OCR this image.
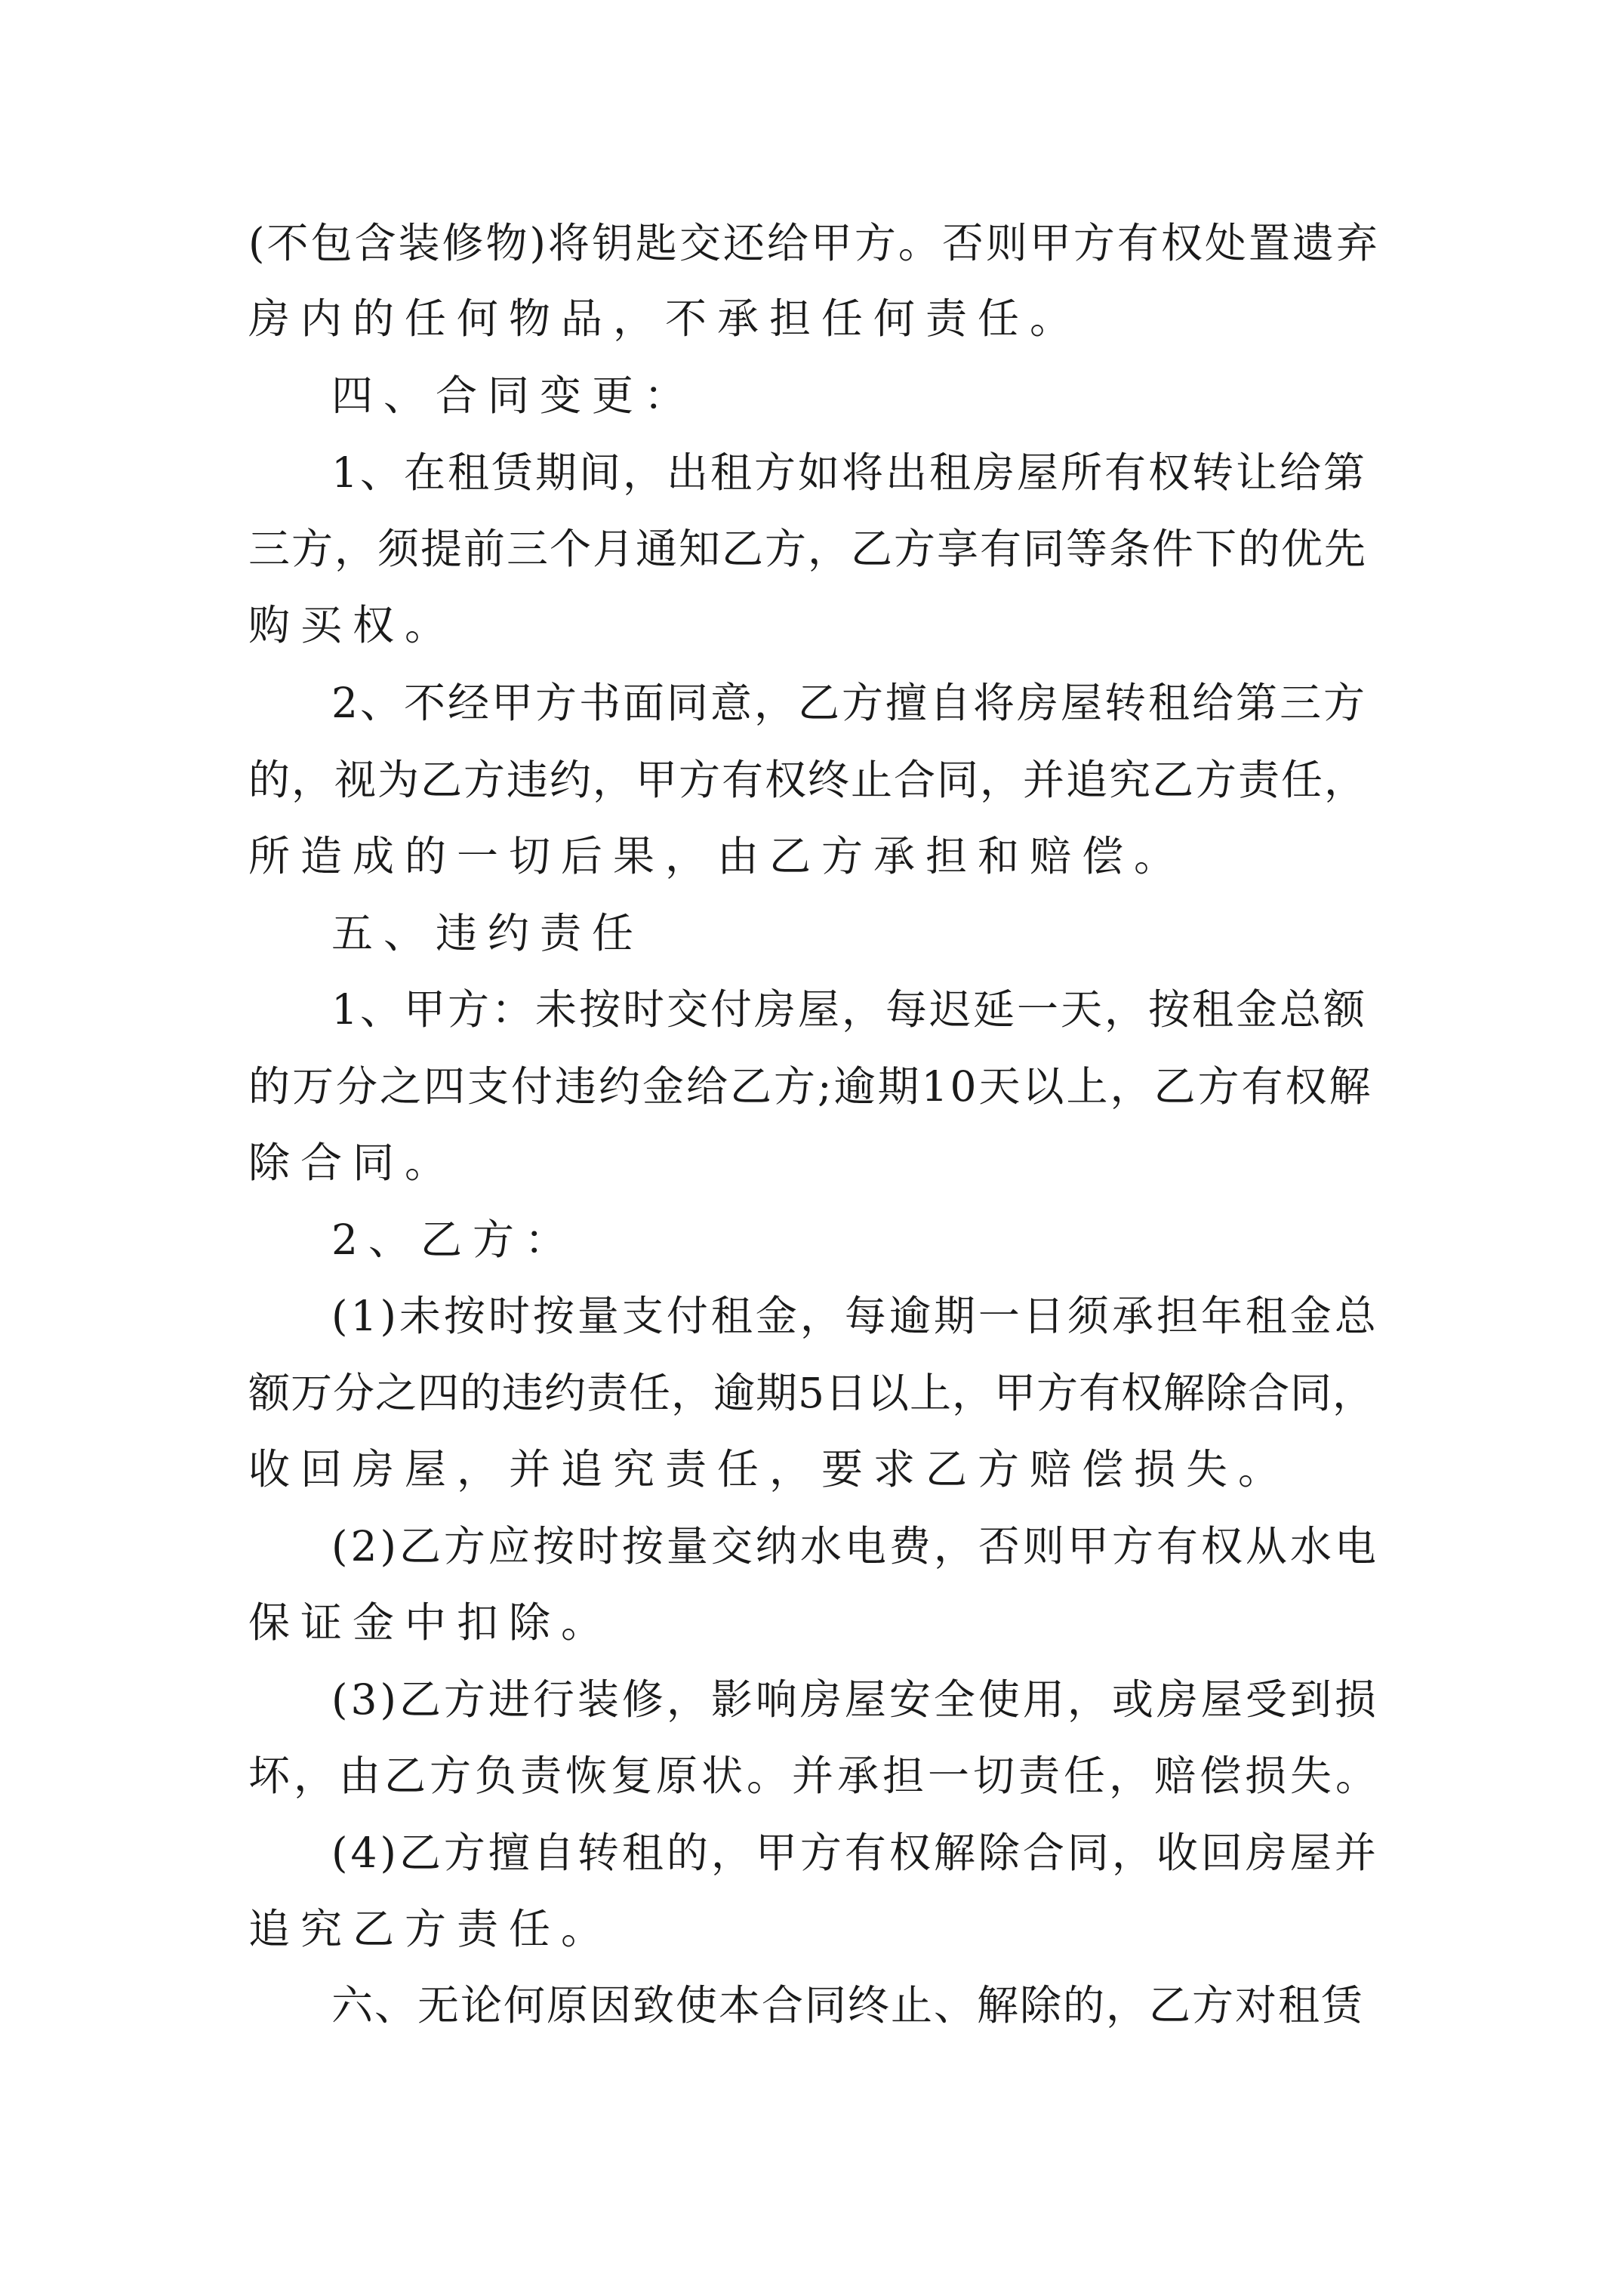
(不包含装修物)将钥匙交还给甲方。否则甲方有权处置遗弃

房内的任何物品，不承担任何责任。

四、合同变更：

1、在租赁期间，出租方如将出租房屋所有权转让给第

三方，须提前三个月通知乙方，乙方享有同等条件下的优先

购买权。

2、不经甲方书面同意，乙方擅自将房屋转租给第三方

的，视为乙方违约，甲方有权终止合同，并追究乙方责任，

所造成的一切后果，由乙方承担和赔偿。

五、违约责任

1、甲方：未按时交付房屋，每迟延一天，按租金总额

的万分之四支付违约金给乙方;逾期10天以上，乙方有权解

除合同。

2、乙方：

(1)未按时按量支付租金，每逾期一日须承担年租金总

额万分之四的违约责任，逾期5日以上，甲方有权解除合同，

收回房屋，并追究责任，要求乙方赔偿损失。

(2)乙方应按时按量交纳水电费，否则甲方有权从水电

保证金中扣除。

(3)乙方进行装修，影响房屋安全使用，或房屋受到损

坏，由乙方负责恢复原状。并承担一切责任，赔偿损失。

(4)乙方擅自转租的，甲方有权解除合同，收回房屋并

追究乙方责任。

六、无论何原因致使本合同终止、解除的，乙方对租赁
